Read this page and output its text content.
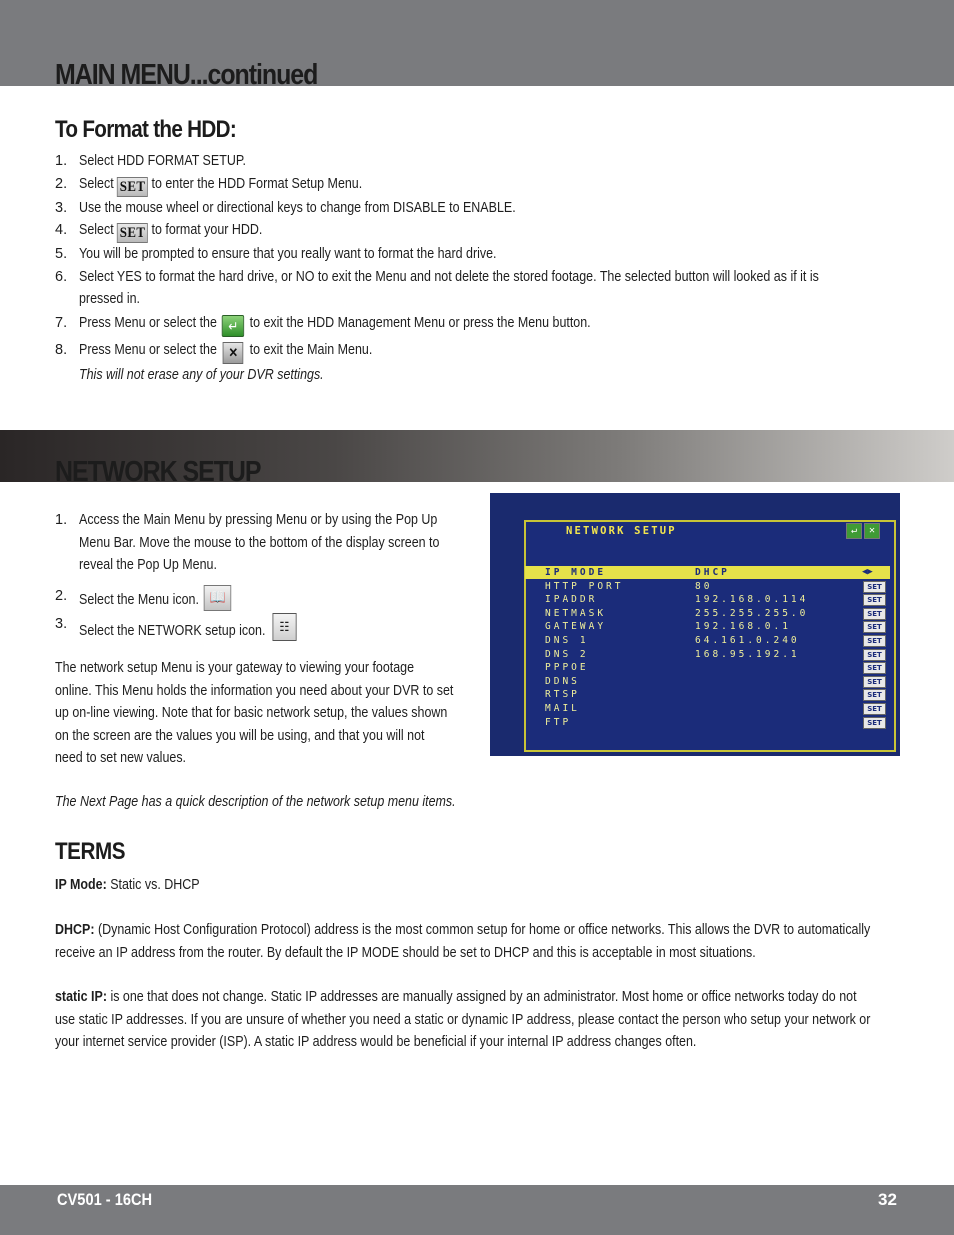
MAIN MENU...continued
To Format the HDD:
1. Select HDD FORMAT SETUP.
2. Select SET to enter the HDD Format Setup Menu.
3. Use the mouse wheel or directional keys to change from DISABLE to ENABLE.
4. Select SET to format your HDD.
5. You will be prompted to ensure that you really want to format the hard drive.
6. Select YES to format the hard drive, or NO to exit the Menu and not delete the stored footage. The selected button will looked as if it is
pressed in.
7. Press Menu or select the ↵ to exit the HDD Management Menu or press the Menu button.
8. Press Menu or select the ✕ to exit the Main Menu.
This will not erase any of your DVR settings.
NETWORK SETUP
1. Access the Main Menu by pressing Menu or by using the Pop Up
Menu Bar. Move the mouse to the bottom of the display screen to
reveal the Pop Up Menu.
2. Select the Menu icon. 📖
3. Select the NETWORK setup icon. ☷
The network setup Menu is your gateway to viewing your footage
online. This Menu holds the information you need about your DVR to set
up on-line viewing. Note that for basic network setup, the values shown
on the screen are the values you will be using, and that you will not
need to set new values.
The Next Page has a quick description of the network setup menu items.
NETWORK SETUP	↵	✕
◀▶
IP MODE	DHCP
HTTP PORT	80	SET
IPADDR	192.168.0.114	SET
NETMASK	255.255.255.0	SET
GATEWAY	192.168.0.1	SET
DNS 1	64.161.0.240	SET
DNS 2	168.95.192.1	SET
PPPOE	SET
DDNS	SET
RTSP	SET
MAIL	SET
FTP	SET
TERMS
IP Mode: Static vs. DHCP
DHCP: (Dynamic Host Configuration Protocol) address is the most common setup for home or office networks. This allows the DVR to automatically
receive an IP address from the router. By default the IP MODE should be set to DHCP and this is acceptable in most situations.
static IP: is one that does not change. Static IP addresses are manually assigned by an administrator. Most home or office networks today do not
use static IP addresses. If you are unsure of whether you need a static or dynamic IP address, please contact the person who setup your network or
your internet service provider (ISP). A static IP address would be beneficial if your internal IP address changes often.
CV501 - 16CH	32
